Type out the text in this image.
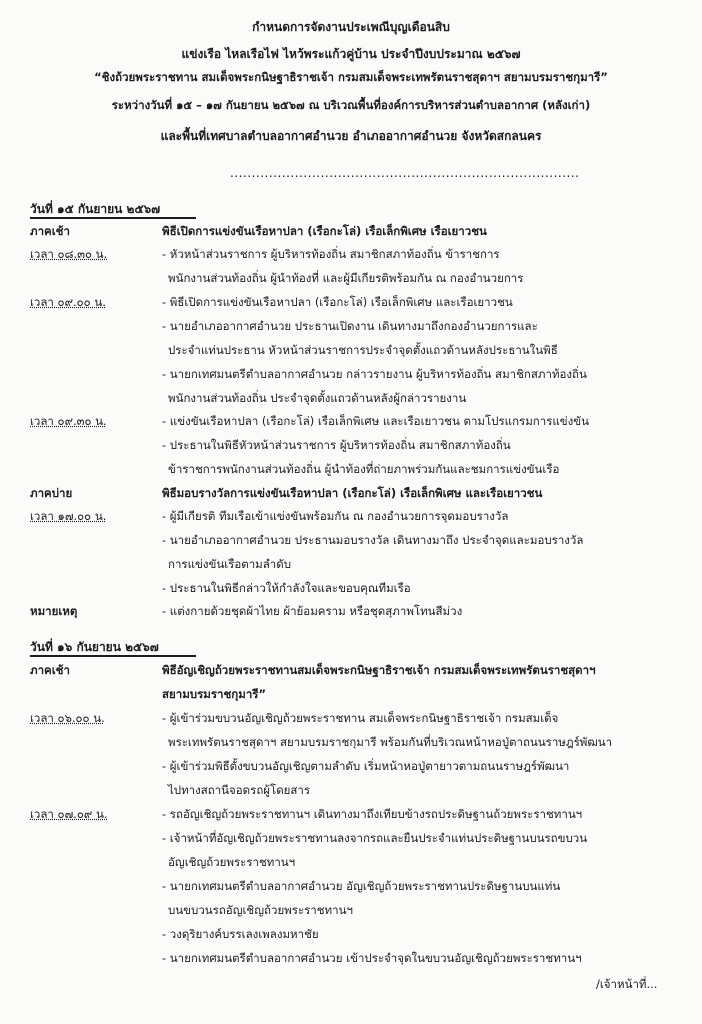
กำหนดการจัดงานประเพณีบุญเดือนสิบ
แข่งเรือ ไหลเรือไฟ ไหว้พระแก้วคู่บ้าน ประจำปีงบประมาณ ๒๕๖๗
“ชิงถ้วยพระราชทาน สมเด็จพระกนิษฐาธิราชเจ้า กรมสมเด็จพระเทพรัตนราชสุดาฯ สยามบรมราชกุมารี”
ระหว่างวันที่ ๑๕ – ๑๗ กันยายน ๒๕๖๗ ณ บริเวณพื้นที่องค์การบริหารส่วนตำบลอากาศ (หลังเก่า)
และพื้นที่เทศบาลตำบลอากาศอำนวย อำเภออากาศอำนวย จังหวัดสกลนคร
.................................................................................
วันที่ ๑๕ กันยายน ๒๕๖๗
ภาคเช้า	พิธีเปิดการแข่งขันเรือหาปลา (เรือกะโล่) เรือเล็กพิเศษ เรือเยาวชน
เวลา ๐๘.๓๐ น.	- หัวหน้าส่วนราชการ ผู้บริหารท้องถิ่น สมาชิกสภาท้องถิ่น ข้าราชการ
พนักงานส่วนท้องถิ่น ผู้นำท้องที่ และผู้มีเกียรติพร้อมกัน ณ กองอำนวยการ
เวลา ๐๙.๐๐ น.	- พิธีเปิดการแข่งขันเรือหาปลา (เรือกะโล่) เรือเล็กพิเศษ และเรือเยาวชน
- นายอำเภออากาศอำนวย ประธานเปิดงาน เดินทางมาถึงกองอำนวยการและ
ประจำแท่นประธาน หัวหน้าส่วนราชการประจำจุดตั้งแถวด้านหลังประธานในพิธี
- นายกเทศมนตรีตำบลอากาศอำนวย กล่าวรายงาน ผู้บริหารท้องถิ่น สมาชิกสภาท้องถิ่น
พนักงานส่วนท้องถิ่น ประจำจุดตั้งแถวด้านหลังผู้กล่าวรายงาน
เวลา ๐๙.๓๐ น.	- แข่งขันเรือหาปลา (เรือกะโล่) เรือเล็กพิเศษ และเรือเยาวชน ตามโปรแกรมการแข่งขัน
- ประธานในพิธีหัวหน้าส่วนราชการ ผู้บริหารท้องถิ่น สมาชิกสภาท้องถิ่น
ข้าราชการพนักงานส่วนท้องถิ่น ผู้นำท้องที่ถ่ายภาพร่วมกันและชมการแข่งขันเรือ
ภาคบ่าย	พิธีมอบรางวัลการแข่งขันเรือหาปลา (เรือกะโล่) เรือเล็กพิเศษ และเรือเยาวชน
เวลา ๑๗.๐๐ น.	- ผู้มีเกียรติ ทีมเรือเข้าแข่งขันพร้อมกัน ณ กองอำนวยการจุดมอบรางวัล
- นายอำเภออากาศอำนวย ประธานมอบรางวัล เดินทางมาถึง ประจำจุดและมอบรางวัล
การแข่งขันเรือตามลำดับ
- ประธานในพิธีกล่าวให้กำลังใจและขอบคุณทีมเรือ
หมายเหตุ	- แต่งกายด้วยชุดผ้าไทย ผ้าย้อมคราม หรือชุดสุภาพโทนสีม่วง
วันที่ ๑๖ กันยายน ๒๕๖๗
ภาคเช้า	พิธีอัญเชิญถ้วยพระราชทานสมเด็จพระกนิษฐาธิราชเจ้า กรมสมเด็จพระเทพรัตนราชสุดาฯ
สยามบรมราชกุมารี”
เวลา ๐๖.๐๐ น.	- ผู้เข้าร่วมขบวนอัญเชิญถ้วยพระราชทาน สมเด็จพระกนิษฐาธิราชเจ้า กรมสมเด็จ
พระเทพรัตนราชสุดาฯ สยามบรมราชกุมารี พร้อมกันที่บริเวณหน้าหอปู่ตาถนนราษฎร์พัฒนา
- ผู้เข้าร่วมพิธีตั้งขบวนอัญเชิญตามลำดับ เริ่มหน้าหอปู่ตายาวตามถนนราษฎร์พัฒนา
ไปทางสถานีจอดรถผู้โดยสาร
เวลา ๐๗.๐๙ น.	- รถอัญเชิญถ้วยพระราชทานฯ เดินทางมาถึงเทียบข้างรถประดิษฐานถ้วยพระราชทานฯ
- เจ้าหน้าที่อัญเชิญถ้วยพระราชทานลงจากรถและยืนประจำแท่นประดิษฐานบนรถขบวน
อัญเชิญถ้วยพระราชทานฯ
- นายกเทศมนตรีตำบลอากาศอำนวย อัญเชิญถ้วยพระราชทานประดิษฐานบนแท่น
บนขบวนรถอัญเชิญถ้วยพระราชทานฯ
- วงดุริยางค์บรรเลงเพลงมหาชัย
- นายกเทศมนตรีตำบลอากาศอำนวย เข้าประจำจุดในขบวนอัญเชิญถ้วยพระราชทานฯ
/เจ้าหน้าที่...
